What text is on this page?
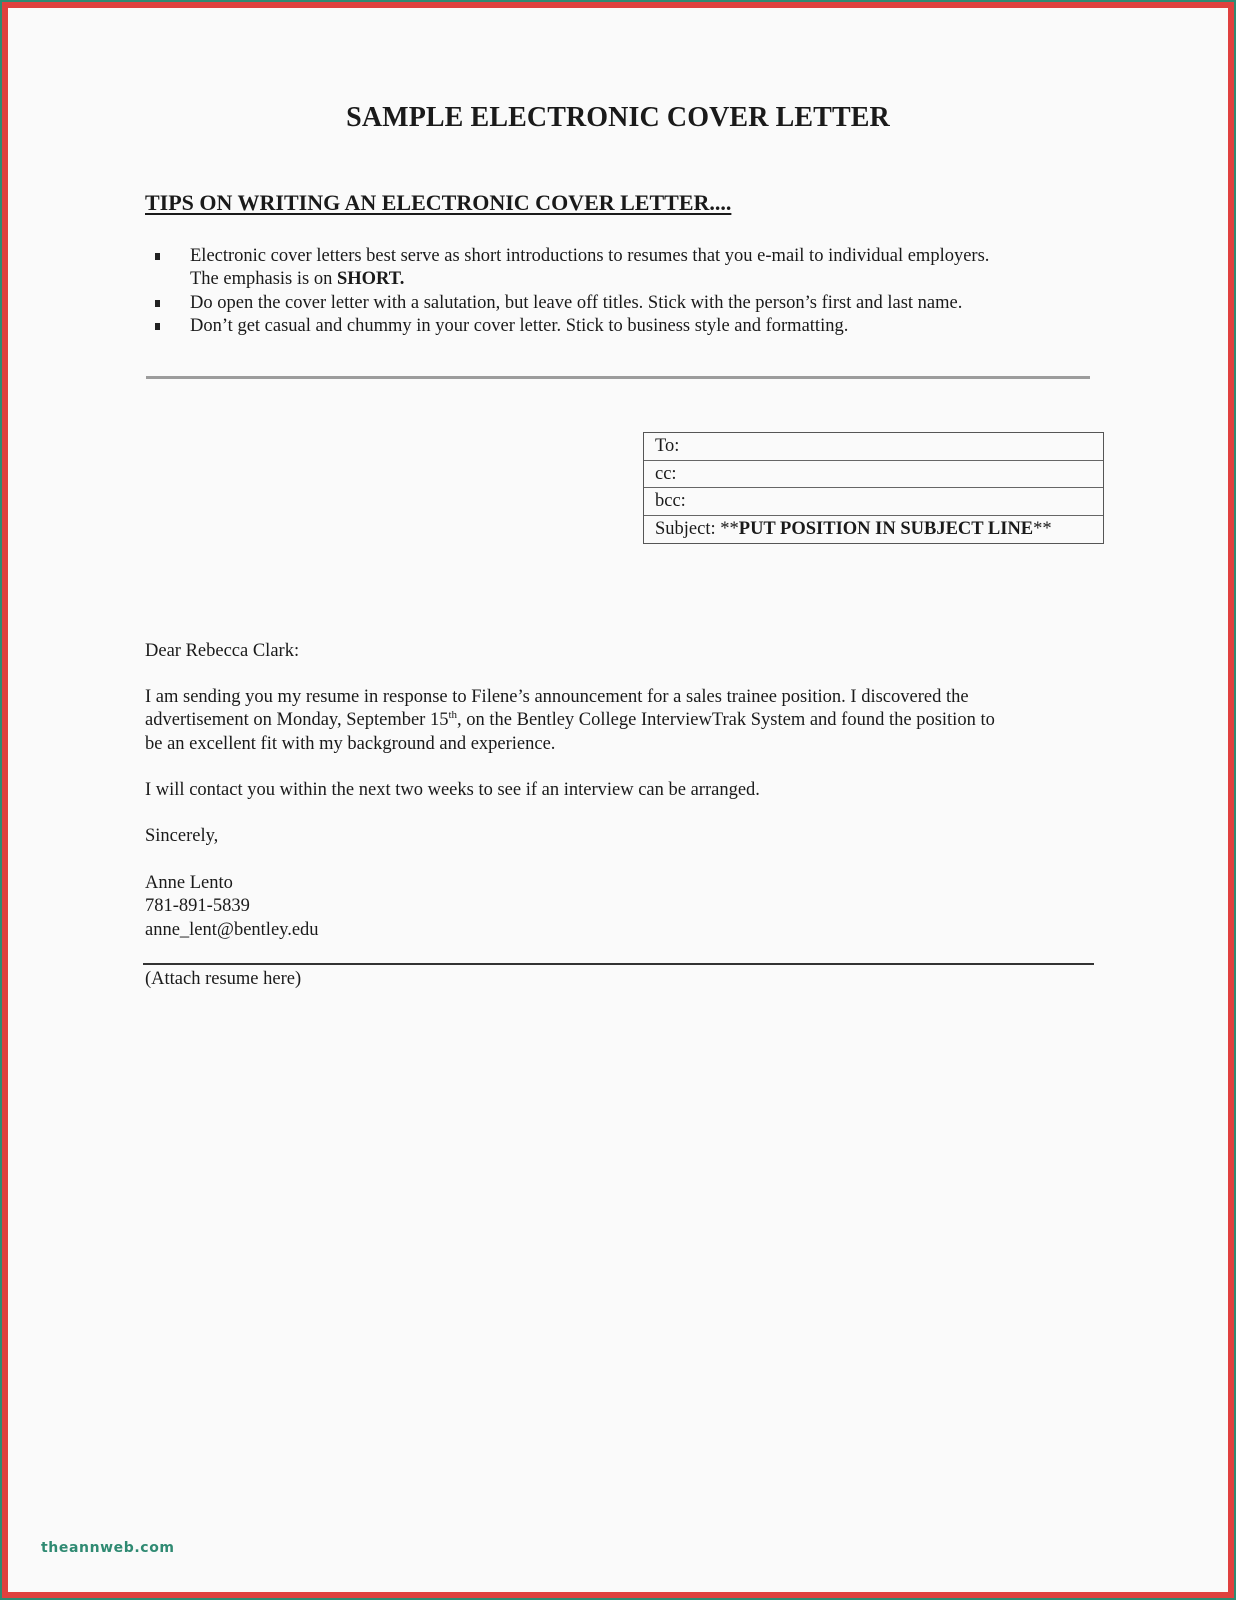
SAMPLE ELECTRONIC COVER LETTER
TIPS ON WRITING AN ELECTRONIC COVER LETTER....
Electronic cover letters best serve as short introductions to resumes that you e-mail to individual employers.
The emphasis is on SHORT.
Do open the cover letter with a salutation, but leave off titles. Stick with the person’s first and last name.
Don’t get casual and chummy in your cover letter. Stick to business style and formatting.
To:
cc:
bcc:
Subject: **PUT POSITION IN SUBJECT LINE**
Dear Rebecca Clark:
I am sending you my resume in response to Filene’s announcement for a sales trainee position. I discovered the
advertisement on Monday, September 15th, on the Bentley College InterviewTrak System and found the position to
be an excellent fit with my background and experience.
I will contact you within the next two weeks to see if an interview can be arranged.
Sincerely,
Anne Lento
781-891-5839
anne_lent@bentley.edu
(Attach resume here)
theannweb.com
